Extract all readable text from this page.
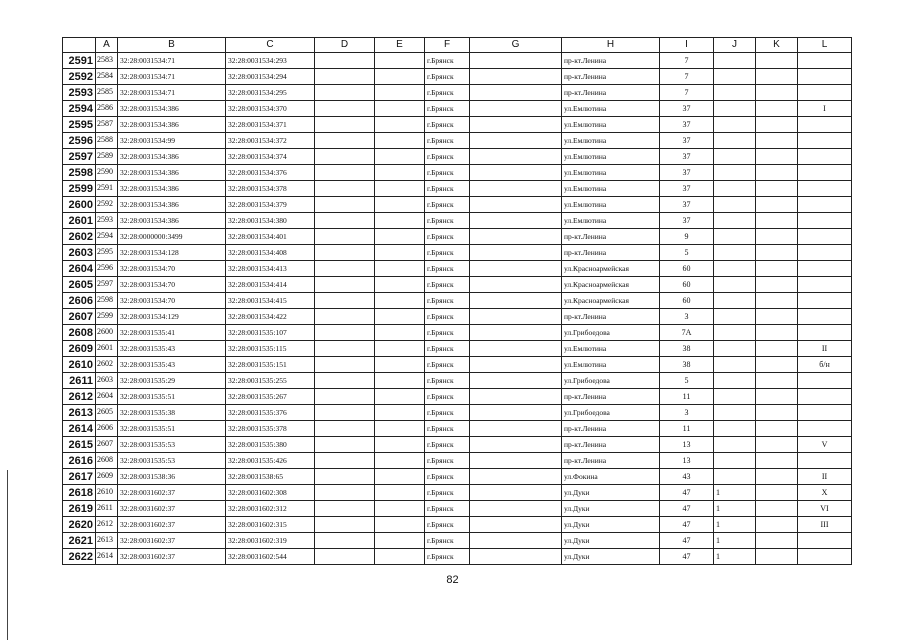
	A	B	C	D	E	F	G	H	I	J	K	L
2591	2583	32:28:0031534:71	32:28:0031534:293			г.Брянск		пр-кт.Ленина	7			
2592	2584	32:28:0031534:71	32:28:0031534:294			г.Брянск		пр-кт.Ленина	7			
2593	2585	32:28:0031534:71	32:28:0031534:295			г.Брянск		пр-кт.Ленина	7			
2594	2586	32:28:0031534:386	32:28:0031534:370			г.Брянск		ул.Емлютина	37			I
2595	2587	32:28:0031534:386	32:28:0031534:371			г.Брянск		ул.Емлютина	37			
2596	2588	32:28:0031534:99	32:28:0031534:372			г.Брянск		ул.Емлютина	37			
2597	2589	32:28:0031534:386	32:28:0031534:374			г.Брянск		ул.Емлютина	37			
2598	2590	32:28:0031534:386	32:28:0031534:376			г.Брянск		ул.Емлютина	37			
2599	2591	32:28:0031534:386	32:28:0031534:378			г.Брянск		ул.Емлютина	37			
2600	2592	32:28:0031534:386	32:28:0031534:379			г.Брянск		ул.Емлютина	37			
2601	2593	32:28:0031534:386	32:28:0031534:380			г.Брянск		ул.Емлютина	37			
2602	2594	32:28:0000000:3499	32:28:0031534:401			г.Брянск		пр-кт.Ленина	9			
2603	2595	32:28:0031534:128	32:28:0031534:408			г.Брянск		пр-кт.Ленина	5			
2604	2596	32:28:0031534:70	32:28:0031534:413			г.Брянск		ул.Красноармейская	60			
2605	2597	32:28:0031534:70	32:28:0031534:414			г.Брянск		ул.Красноармейская	60			
2606	2598	32:28:0031534:70	32:28:0031534:415			г.Брянск		ул.Красноармейская	60			
2607	2599	32:28:0031534:129	32:28:0031534:422			г.Брянск		пр-кт.Ленина	3			
2608	2600	32:28:0031535:41	32:28:0031535:107			г.Брянск		ул.Грибоедова	7А			
2609	2601	32:28:0031535:43	32:28:0031535:115			г.Брянск		ул.Емлютина	38			II
2610	2602	32:28:0031535:43	32:28:0031535:151			г.Брянск		ул.Емлютина	38			б/н
2611	2603	32:28:0031535:29	32:28:0031535:255			г.Брянск		ул.Грибоедова	5			
2612	2604	32:28:0031535:51	32:28:0031535:267			г.Брянск		пр-кт.Ленина	11			
2613	2605	32:28:0031535:38	32:28:0031535:376			г.Брянск		ул.Грибоедова	3			
2614	2606	32:28:0031535:51	32:28:0031535:378			г.Брянск		пр-кт.Ленина	11			
2615	2607	32:28:0031535:53	32:28:0031535:380			г.Брянск		пр-кт.Ленина	13			V
2616	2608	32:28:0031535:53	32:28:0031535:426			г.Брянск		пр-кт.Ленина	13			
2617	2609	32:28:0031538:36	32:28:0031538:65			г.Брянск		ул.Фокина	43			II
2618	2610	32:28:0031602:37	32:28:0031602:308			г.Брянск		ул.Дуки	47	1		X
2619	2611	32:28:0031602:37	32:28:0031602:312			г.Брянск		ул.Дуки	47	1		VI
2620	2612	32:28:0031602:37	32:28:0031602:315			г.Брянск		ул.Дуки	47	1		III
2621	2613	32:28:0031602:37	32:28:0031602:319			г.Брянск		ул.Дуки	47	1		
2622	2614	32:28:0031602:37	32:28:0031602:544			г.Брянск		ул.Дуки	47	1		
82
